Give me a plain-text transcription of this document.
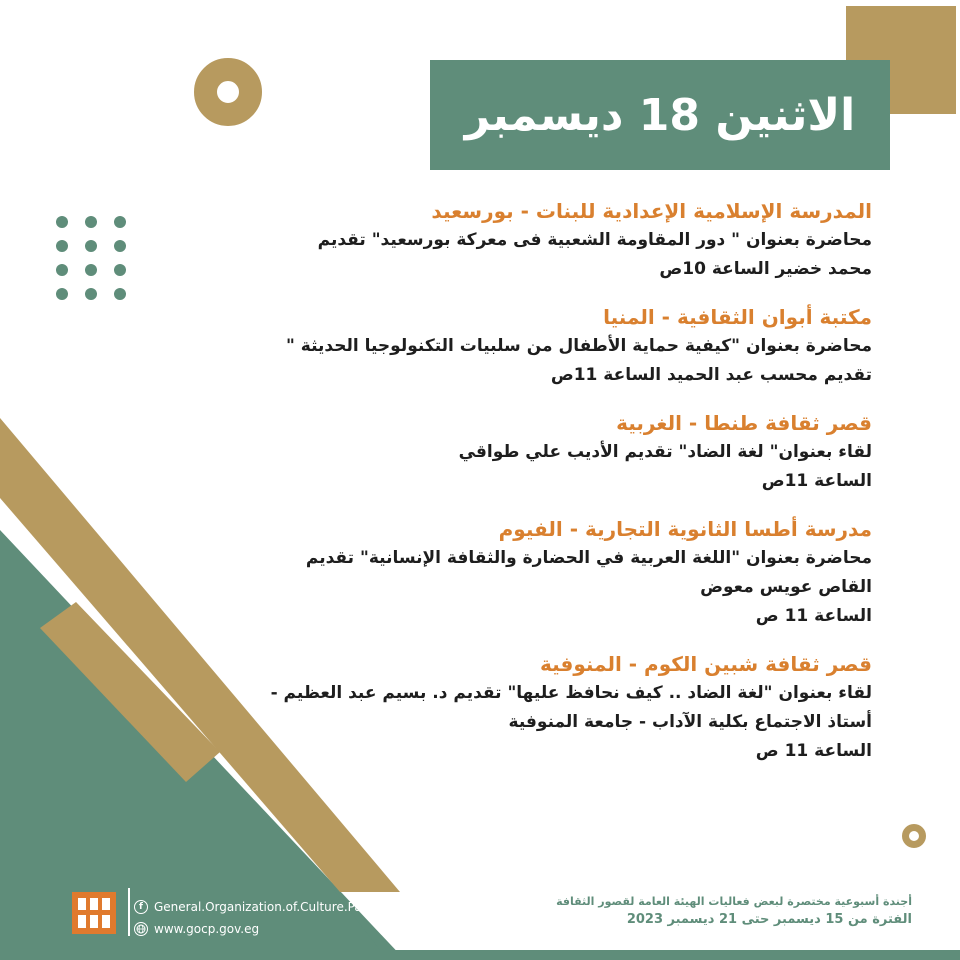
الاثنين 18 ديسمبر
المدرسة الإسلامية الإعدادية للبنات - بورسعيد
محاضرة بعنوان " دور المقاومة الشعبية فى معركة بورسعيد" تقديم
محمد خضير الساعة 10ص
مكتبة أبوان الثقافية - المنيا
محاضرة بعنوان "كيفية حماية الأطفال من سلبيات التكنولوجيا الحديثة "
تقديم محسب عبد الحميد الساعة 11ص
قصر ثقافة طنطا - الغربية
لقاء بعنوان" لغة الضاد" تقديم الأديب علي طواقي
الساعة 11ص
مدرسة أطسا الثانوية التجارية - الفيوم
محاضرة بعنوان "اللغة العربية في الحضارة والثقافة الإنسانية" تقديم
القاص عويس معوض
الساعة 11 ص
قصر ثقافة شبين الكوم - المنوفية
لقاء بعنوان "لغة الضاد .. كيف نحافظ عليها" تقديم د. بسيم عبد العظيم -
أستاذ الاجتماع بكلية الآداب - جامعة المنوفية
الساعة 11 ص
f General.Organization.of.Culture.Palaces
www.gocp.gov.eg
أجندة أسبوعية مختصرة لبعض فعاليات الهيئة العامة لقصور الثقافة
الفترة من 15 ديسمبر حتى 21 ديسمبر 2023
